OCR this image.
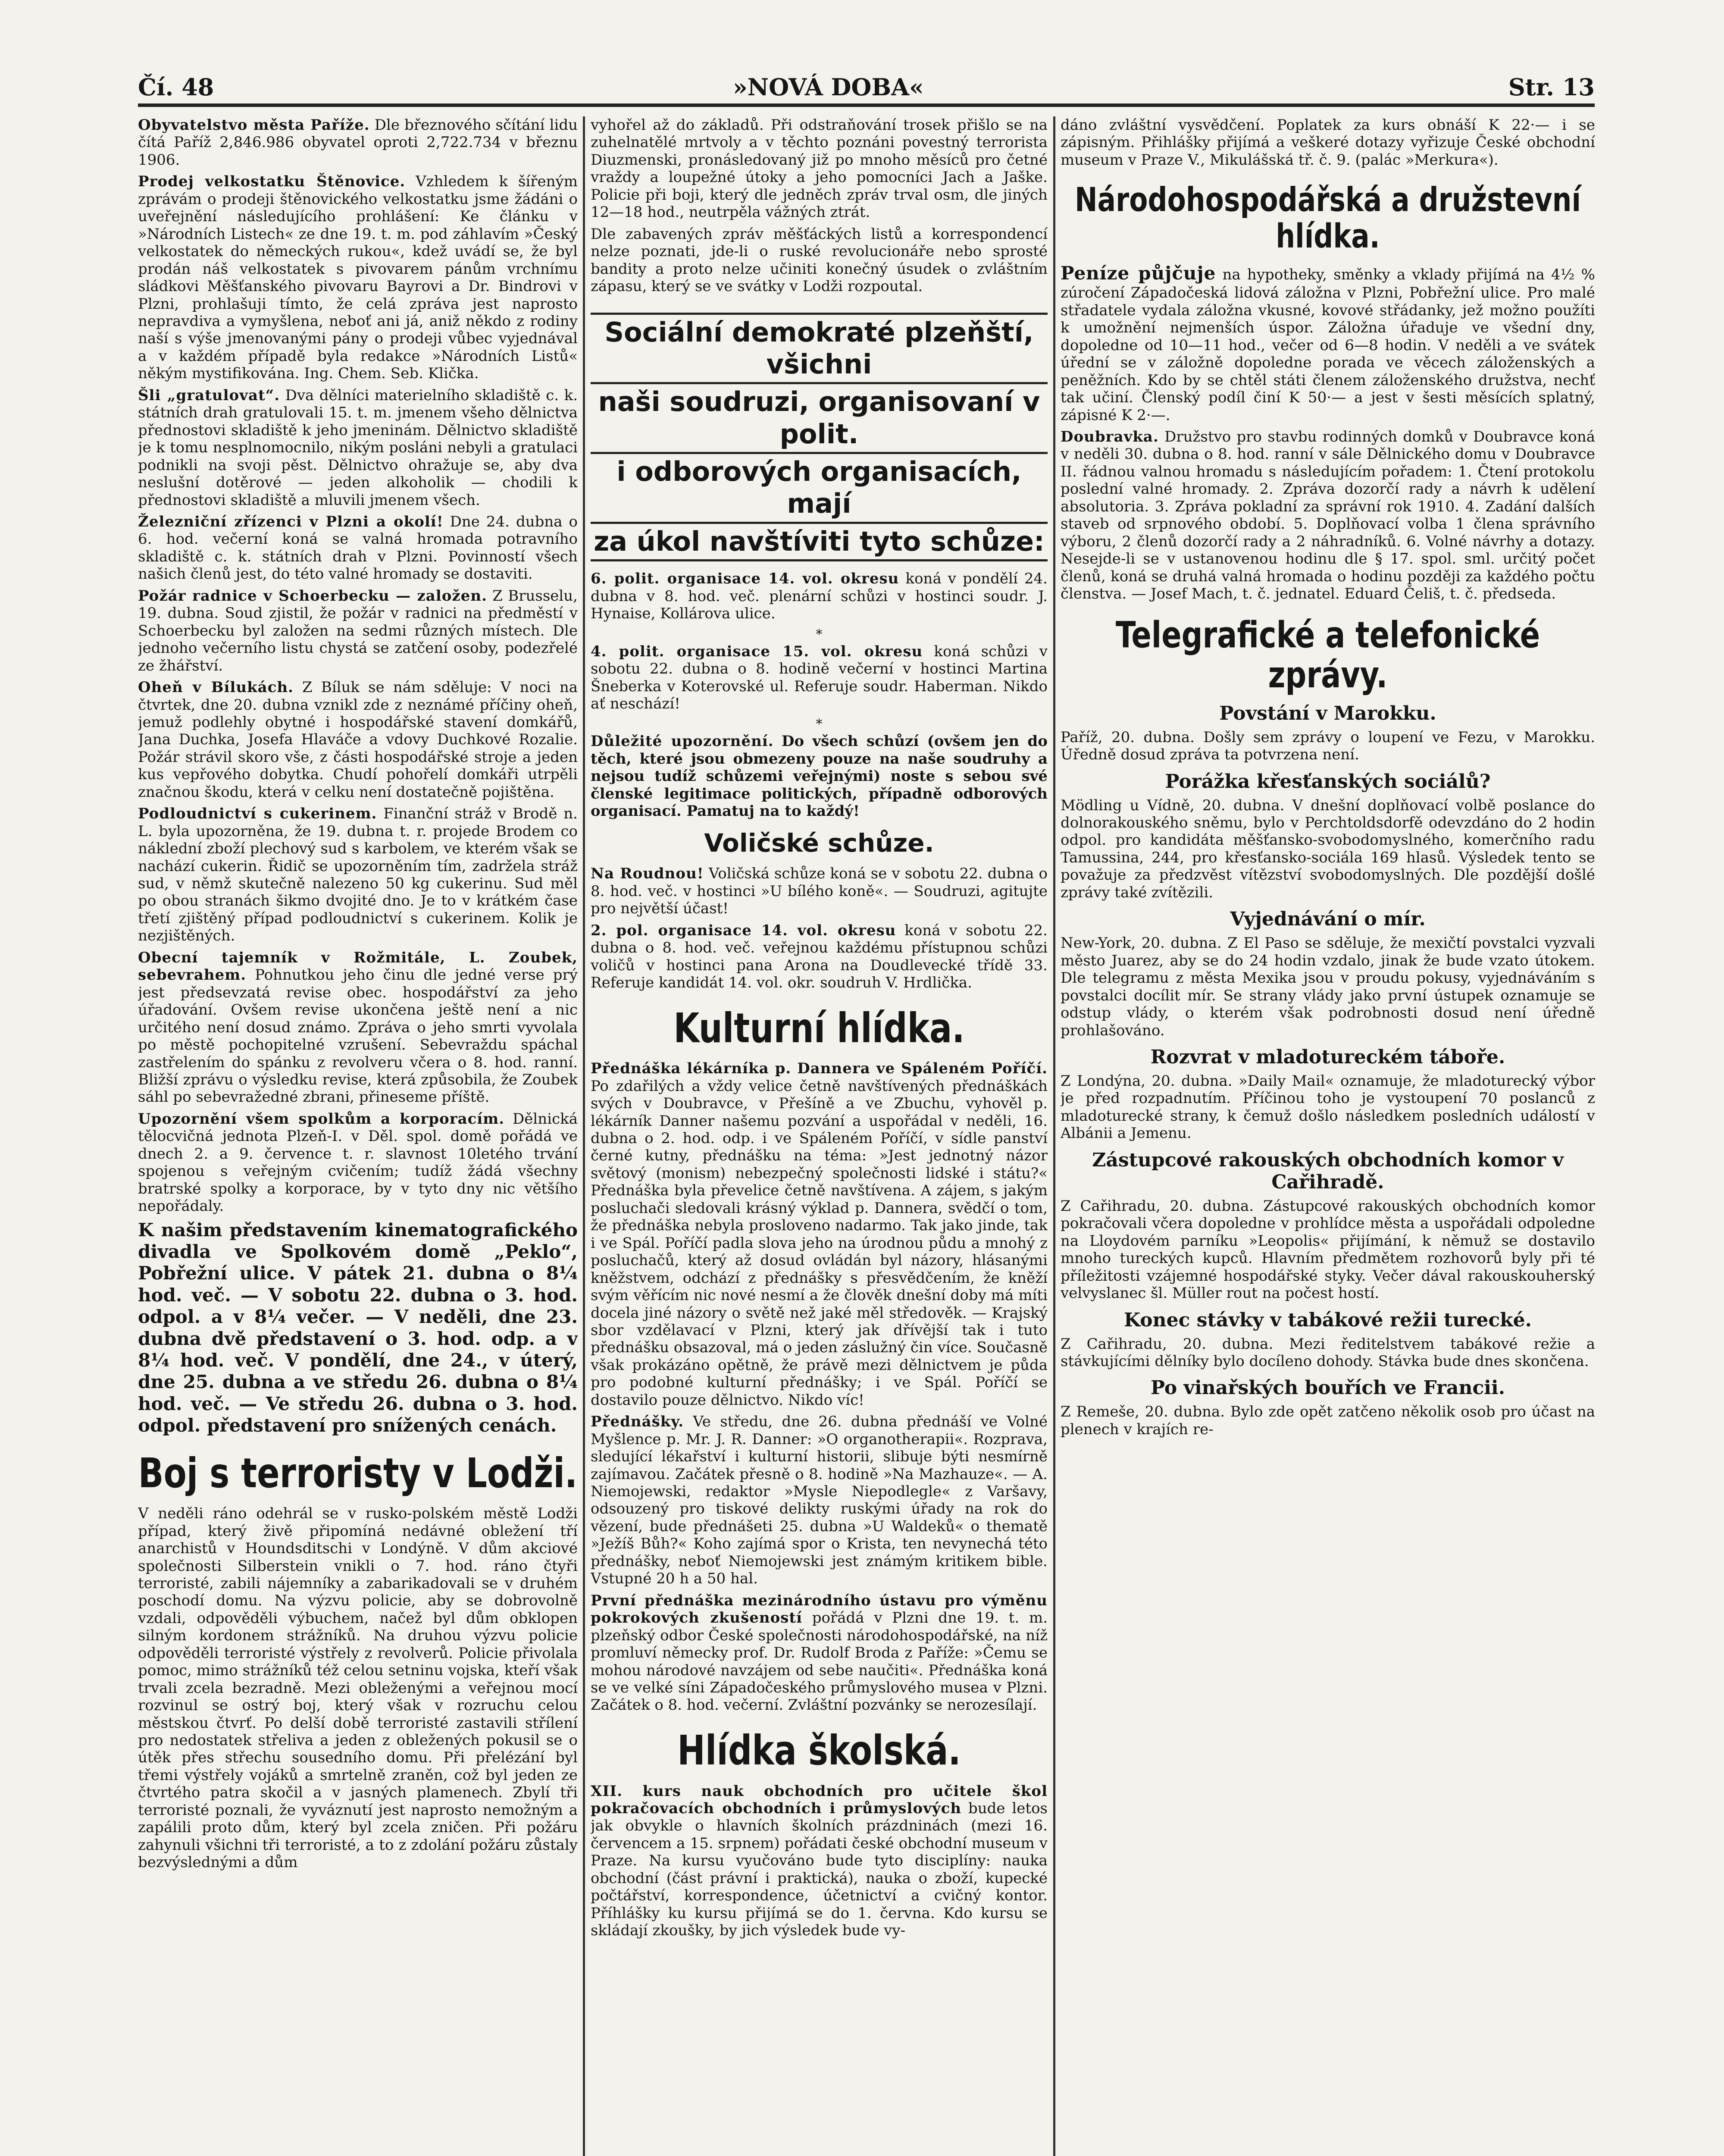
Čí. 48	»NOVÁ DOBA«	Str. 13

Obyvatelstvo města Paříže. Dle březnového sčítání lidu čítá Paříž 2,846.986 obyvatel oproti 2,722.734 v březnu 1906.

Prodej velkostatku Štěnovice. Vzhledem k šířeným zprávám o prodeji štěnovického velkostatku jsme žádáni o uveřejnění následujícího prohlášení: Ke článku v »Národních Listech« ze dne 19. t. m. pod záhlavím »Český velkostatek do německých rukou«, kdež uvádí se, že byl prodán náš velkostatek s pivovarem pánům vrchnímu sládkovi Měšťanského pivovaru Bayrovi a Dr. Bindrovi v Plzni, prohlašuji tímto, že celá zpráva jest naprosto nepravdiva a vymyšlena, neboť ani já, aniž někdo z rodiny naší s výše jmenovanými pány o prodeji vůbec vyjednával a v každém případě byla redakce »Národních Listů« někým mystifikována. Ing. Chem. Seb. Klička.

Šli „gratulovat“. Dva dělníci materielního skladiště c. k. státních drah gratulovali 15. t. m. jmenem všeho dělnictva přednostovi skladiště k jeho jmeninám. Dělnictvo skladiště je k tomu nesplnomocnilo, nikým posláni nebyli a gratulaci podnikli na svoji pěst. Dělnictvo ohražuje se, aby dva neslušní dotěrové — jeden alkoholik — chodili k přednostovi skladiště a mluvili jmenem všech.

Železniční zřízenci v Plzni a okolí! Dne 24. dubna o 6. hod. večerní koná se valná hromada potravního skladiště c. k. státních drah v Plzni. Povinností všech našich členů jest, do této valné hromady se dostaviti.

Požár radnice v Schoerbecku — založen. Z Brusselu, 19. dubna. Soud zjistil, že požár v radnici na předměstí v Schoerbecku byl založen na sedmi různých místech. Dle jednoho večerního listu chystá se zatčení osoby, podezřelé ze žhářství.

Oheň v Bílukách. Z Bíluk se nám sděluje: V noci na čtvrtek, dne 20. dubna vznikl zde z neznámé příčiny oheň, jemuž podlehly obytné i hospodářské stavení domkářů, Jana Duchka, Josefa Hlaváče a vdovy Duchkové Rozalie. Požár strávil skoro vše, z části hospodářské stroje a jeden kus vepřového dobytka. Chudí pohořelí domkáři utrpěli značnou škodu, která v celku není dostatečně pojištěna.

Podloudnictví s cukerinem. Finanční stráž v Brodě n. L. byla upozorněna, že 19. dubna t. r. projede Brodem co náklední zboží plechový sud s karbolem, ve kterém však se nachází cukerin. Řidič se upozorněním tím, zadržela stráž sud, v němž skutečně nalezeno 50 kg cukerinu. Sud měl po obou stranách šikmo dvojité dno. Je to v krátkém čase třetí zjištěný případ podloudnictví s cukerinem. Kolik je nezjištěných.

Obecní tajemník v Rožmitále, L. Zoubek, sebevrahem. Pohnutkou jeho činu dle jedné verse prý jest předsevzatá revise obec. hospodářství za jeho úřadování. Ovšem revise ukončena ještě není a nic určitého není dosud známo. Zpráva o jeho smrti vyvolala po městě pochopitelné vzrušení. Sebevraždu spáchal zastřelením do spánku z revolveru včera o 8. hod. ranní. Bližší zprávu o výsledku revise, která způsobila, že Zoubek sáhl po sebevražedné zbrani, přineseme příště.

Upozornění všem spolkům a korporacím. Dělnická tělocvičná jednota Plzeň-I. v Děl. spol. domě pořádá ve dnech 2. a 9. července t. r. slavnost 10letého trvání spojenou s veřejným cvičením; tudíž žádá všechny bratrské spolky a korporace, by v tyto dny nic většího nepořádaly.

K našim představením kinematografického divadla ve Spolkovém domě „Peklo“, Pobřežní ulice. V pátek 21. dubna o 8¼ hod. več. — V sobotu 22. dubna o 3. hod. odpol. a v 8¼ večer. — V neděli, dne 23. dubna dvě představení o 3. hod. odp. a v 8¼ hod. več. V pondělí, dne 24., v úterý, dne 25. dubna a ve středu 26. dubna o 8¼ hod. več. — Ve středu 26. dubna o 3. hod. odpol. představení pro snížených cenách.

Boj s terroristy v Lodži.

V neděli ráno odehrál se v rusko-polském městě Lodži případ, který živě připomíná nedávné obležení tří anarchistů v Houndsditschi v Londýně. V dům akciové společnosti Silberstein vnikli o 7. hod. ráno čtyři terroristé, zabili nájemníky a zabarikadovali se v druhém poschodí domu. Na výzvu policie, aby se dobrovolně vzdali, odpověděli výbuchem, načež byl dům obklopen silným kordonem strážníků. Na druhou výzvu policie odpověděli terroristé výstřely z revolverů. Policie přivolala pomoc, mimo strážníků též celou setninu vojska, kteří však trvali zcela bezradně. Mezi obleženými a veřejnou mocí rozvinul se ostrý boj, který však v rozruchu celou městskou čtvrť. Po delší době terroristé zastavili střílení pro nedostatek střeliva a jeden z obležených pokusil se o útěk přes střechu sousedního domu. Při přelézání byl třemi výstřely vojáků a smrtelně zraněn, což byl jeden ze čtvrtého patra skočil a v jasných plamenech. Zbylí tři terroristé poznali, že vyváznutí jest naprosto nemožným a zapálili proto dům, který byl zcela zničen. Při požáru zahynuli všichni tři terroristé, a to z zdolání požáru zůstaly bezvýslednými a dům

vyhořel až do základů. Při odstraňování trosek přišlo se na zuhelnatělé mrtvoly a v těchto poznáni povestný terrorista Diuzmenski, pronásledovaný již po mnoho měsíců pro četné vraždy a loupežné útoky a jeho pomocníci Jach a Jaške. Policie při boji, který dle jedněch zpráv trval osm, dle jiných 12—18 hod., neutrpěla vážných ztrát.

Dle zabavených zpráv měšťáckých listů a korrespondencí nelze poznati, jde-li o ruské revolucionáře nebo sprosté bandity a proto nelze učiniti konečný úsudek o zvláštním zápasu, který se ve svátky v Lodži rozpoutal.

Sociální demokraté plzeňští, všichni
naši soudruzi, organisovaní v polit.
i odborových organisacích, mají
za úkol navštíviti tyto schůze:

6. polit. organisace 14. vol. okresu koná v pondělí 24. dubna v 8. hod. več. plenární schůzi v hostinci soudr. J. Hynaise, Kollárova ulice.

*

4. polit. organisace 15. vol. okresu koná schůzi v sobotu 22. dubna o 8. hodině večerní v hostinci Martina Šneberka v Koterovské ul. Referuje soudr. Haberman. Nikdo ať neschází!

*

Důležité upozornění. Do všech schůzí (ovšem jen do těch, které jsou obmezeny pouze na naše soudruhy a nejsou tudíž schůzemi veřejnými) noste s sebou své členské legitimace politických, případně odborových organisací. Pamatuj na to každý!

Voličské schůze.

Na Roudnou! Voličská schůze koná se v sobotu 22. dubna o 8. hod. več. v hostinci »U bílého koně«. — Soudruzi, agitujte pro největší účast!

2. pol. organisace 14. vol. okresu koná v sobotu 22. dubna o 8. hod. več. veřejnou každému přístupnou schůzi voličů v hostinci pana Arona na Doudlevecké třídě 33. Referuje kandidát 14. vol. okr. soudruh V. Hrdlička.

Kulturní hlídka.

Přednáška lékárníka p. Dannera ve Spáleném Poříčí. Po zdařilých a vždy velice četně navštívených přednáškách svých v Doubravce, v Přešíně a ve Zbuchu, vyhověl p. lékárník Danner našemu pozvání a uspořádal v neděli, 16. dubna o 2. hod. odp. i ve Spáleném Poříčí, v sídle panství černé kutny, přednášku na téma: »Jest jednotný názor světový (monism) nebezpečný společnosti lidské i státu?« Přednáška byla převelice četně navštívena. A zájem, s jakým posluchači sledovali krásný výklad p. Dannera, svědčí o tom, že přednáška nebyla prosloveno nadarmo. Tak jako jinde, tak i ve Spál. Poříčí padla slova jeho na úrodnou půdu a mnohý z posluchačů, který až dosud ovládán byl názory, hlásanými kněžstvem, odchází z přednášky s přesvědčením, že kněží svým věřícím nic nové nesmí a že člověk dnešní doby má míti docela jiné názory o světě než jaké měl středověk. — Krajský sbor vzdělavací v Plzni, který jak dřívější tak i tuto přednášku obsazoval, má o jeden záslužný čin více. Současně však prokázáno opětně, že právě mezi dělnictvem je půda pro podobné kulturní přednášky; i ve Spál. Poříčí se dostavilo pouze dělnictvo. Nikdo víc!

Přednášky. Ve středu, dne 26. dubna přednáší ve Volné Myšlence p. Mr. J. R. Danner: »O organotherapii«. Rozprava, sledující lékařství i kulturní historii, slibuje býti nesmírně zajímavou. Začátek přesně o 8. hodině »Na Mazhauze«. — A. Niemojewski, redaktor »Mysle Niepodlegle« z Varšavy, odsouzený pro tiskové delikty ruskými úřady na rok do vězení, bude přednášeti 25. dubna »U Waldeků« o thematě »Ježíš Bůh?« Koho zajímá spor o Krista, ten nevynechá této přednášky, neboť Niemojewski jest známým kritikem bible. Vstupné 20 h a 50 hal.

První přednáška mezinárodního ústavu pro výměnu pokrokových zkušeností pořádá v Plzni dne 19. t. m. plzeňský odbor České společnosti národohospodářské, na níž promluví německy prof. Dr. Rudolf Broda z Paříže: »Čemu se mohou národové navzájem od sebe naučiti«. Přednáška koná se ve velké síni Západočeského průmyslového musea v Plzni. Začátek o 8. hod. večerní. Zvláštní pozvánky se nerozesílají.

Hlídka školská.

XII. kurs nauk obchodních pro učitele škol pokračovacích obchodních i průmyslových bude letos jak obvykle o hlavních školních prázdninách (mezi 16. červencem a 15. srpnem) pořádati české obchodní museum v Praze. Na kursu vyučováno bude tyto disciplíny: nauka obchodní (část právní i praktická), nauka o zboží, kupecké počtářství, korrespondence, účetnictví a cvičný kontor. Příhlášky ku kursu přijímá se do 1. června. Kdo kursu se skládají zkoušky, by jich výsledek bude vy-

dáno zvláštní vysvědčení. Poplatek za kurs obnáší K 22·— i se zápisným. Přihlášky přijímá a veškeré dotazy vyřizuje České obchodní museum v Praze V., Mikulášská tř. č. 9. (palác »Merkura«).

Národohospodářská a družstevní hlídka.

Peníze půjčuje na hypotheky, směnky a vklady přijímá na 4½ % zúročení Západočeská lidová záložna v Plzni, Pobřežní ulice. Pro malé střadatele vydala záložna vkusné, kovové střádanky, jež možno použíti k umožnění nejmenších úspor. Záložna úřaduje ve všední dny, dopoledne od 10—11 hod., večer od 6—8 hodin. V neděli a ve svátek úřední se v záložně dopoledne porada ve věcech záloženských a peněžních. Kdo by se chtěl státi členem záloženského družstva, nechť tak učiní. Členský podíl činí K 50·— a jest v šesti měsících splatný, zápisné K 2·—.

Doubravka. Družstvo pro stavbu rodinných domků v Doubravce koná v neděli 30. dubna o 8. hod. ranní v sále Dělnického domu v Doubravce II. řádnou valnou hromadu s následujícím pořadem: 1. Čtení protokolu poslední valné hromady. 2. Zpráva dozorčí rady a návrh k udělení absolutoria. 3. Zpráva pokladní za správní rok 1910. 4. Zadání dalších staveb od srpnového období. 5. Doplňovací volba 1 člena správního výboru, 2 členů dozorčí rady a 2 náhradníků. 6. Volné návrhy a dotazy. Nesejde-li se v ustanovenou hodinu dle § 17. spol. sml. určitý počet členů, koná se druhá valná hromada o hodinu později za každého počtu členstva. — Josef Mach, t. č. jednatel. Eduard Čeliš, t. č. předseda.

Telegrafické a telefonické zprávy.
Povstání v Marokku.

Paříž, 20. dubna. Došly sem zprávy o loupení ve Fezu, v Marokku. Úředně dosud zpráva ta potvrzena není.

Porážka křesťanských sociálů?

Mödling u Vídně, 20. dubna. V dnešní doplňovací volbě poslance do dolnorakouského sněmu, bylo v Perchtoldsdorfě odevzdáno do 2 hodin odpol. pro kandidáta měšťansko-svobodomyslného, komerčního radu Tamussina, 244, pro křesťansko-sociála 169 hlasů. Výsledek tento se považuje za předzvěst vítězství svobodomyslných. Dle pozdější došlé zprávy také zvítězili.

Vyjednávání o mír.

New-York, 20. dubna. Z El Paso se sděluje, že mexičtí povstalci vyzvali město Juarez, aby se do 24 hodin vzdalo, jinak že bude vzato útokem. Dle telegramu z města Mexika jsou v proudu pokusy, vyjednáváním s povstalci docílit mír. Se strany vlády jako první ústupek oznamuje se odstup vlády, o kterém však podrobnosti dosud není úředně prohlašováno.

Rozvrat v mladotureckém táboře.

Z Londýna, 20. dubna. »Daily Mail« oznamuje, že mladoturecký výbor je před rozpadnutím. Příčinou toho je vystoupení 70 poslanců z mladoturecké strany, k čemuž došlo následkem posledních událostí v Albánii a Jemenu.

Zástupcové rakouských obchodních komor v Cařihradě.

Z Cařihradu, 20. dubna. Zástupcové rakouských obchodních komor pokračovali včera dopoledne v prohlídce města a uspořádali odpoledne na Lloydovém parníku »Leopolis« přijímání, k němuž se dostavilo mnoho tureckých kupců. Hlavním předmětem rozhovorů byly při té příležitosti vzájemné hospodářské styky. Večer dával rakouskouherský velvyslanec šl. Müller rout na počest hostí.

Konec stávky v tabákové režii turecké.

Z Cařihradu, 20. dubna. Mezi ředitelstvem tabákové režie a stávkujícími dělníky bylo docíleno dohody. Stávka bude dnes skončena.

Po vinařských bouřích ve Francii.

Z Remeše, 20. dubna. Bylo zde opět zatčeno několik osob pro účast na plenech v krajích re-
